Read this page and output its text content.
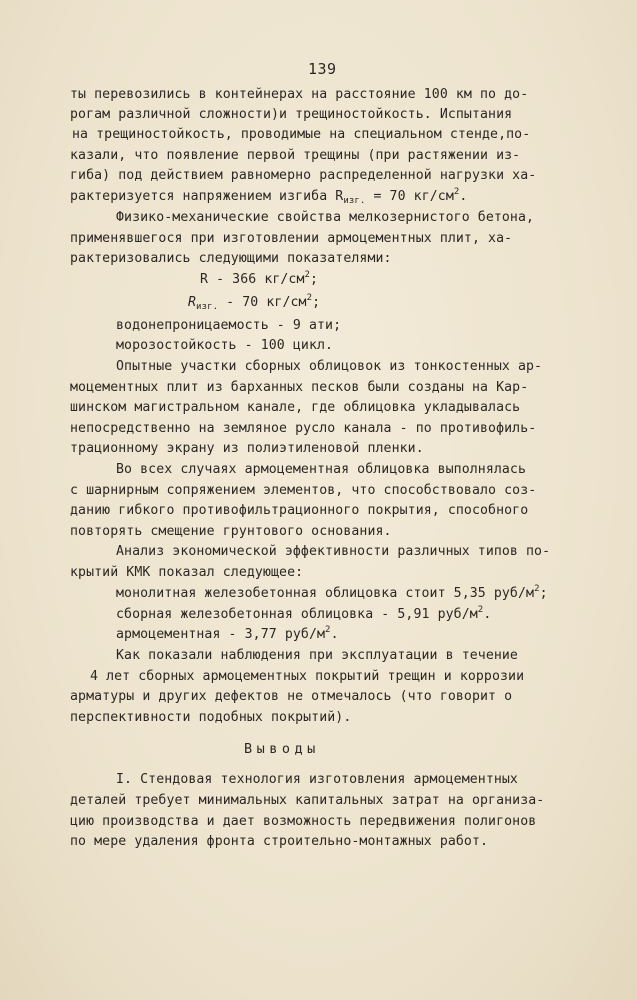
139
ты перевозились в контейнерах на расстояние 100 км по до-
рогам различной сложности)и трещиностойкость. Испытания
на трещиностойкость, проводимые на специальном стенде,по-
казали, что появление первой трещины (при растяжении из-
гиба) под действием равномерно распределенной нагрузки ха-
рактеризуется напряжением изгиба $R_{изг.} = 70$ $кг/см^2$.
Физико-механические свойства мелкозернистого бетона,
применявшегося при изготовлении армоцементных плит, ха-
рактеризовались следующими показателями:
R - 366 $кг/см^2$;
$R_{изг.} - 70$ $кг/см^2$;
водонепроницаемость - 9 ати;
морозостойкость - 100 цикл.
Опытные участки сборных облицовок из тонкостенных ар-
моцементных плит из барханных песков были созданы на Кар-
шинском магистральном канале, где облицовка укладывалась
непосредственно на земляное русло канала - по противофиль-
трационному экрану из полиэтиленовой пленки.
Во всех случаях армоцементная облицовка выполнялась
с шарнирным сопряжением элементов, что способствовало соз-
данию гибкого противофильтрационного покрытия, способного
повторять смещение грунтового основания.
Анализ экономической эффективности различных типов по-
крытий КМК показал следующее:
монолитная железобетонная облицовка стоит 5,35 руб/$м^2$;
сборная железобетонная облицовка - 5,91 руб/$м^2$.
армоцементная - 3,77 руб/$м^2$.
Как показали наблюдения при эксплуатации в течение
4 лет сборных армоцементных покрытий трещин и коррозии
арматуры и других дефектов не отмечалось (что говорит о
перспективности подобных покрытий).
Выводы
I. Стендовая технология изготовления армоцементных
деталей требует минимальных капитальных затрат на организа-
цию производства и дает возможность передвижения полигонов
по мере удаления фронта строительно-монтажных работ.
